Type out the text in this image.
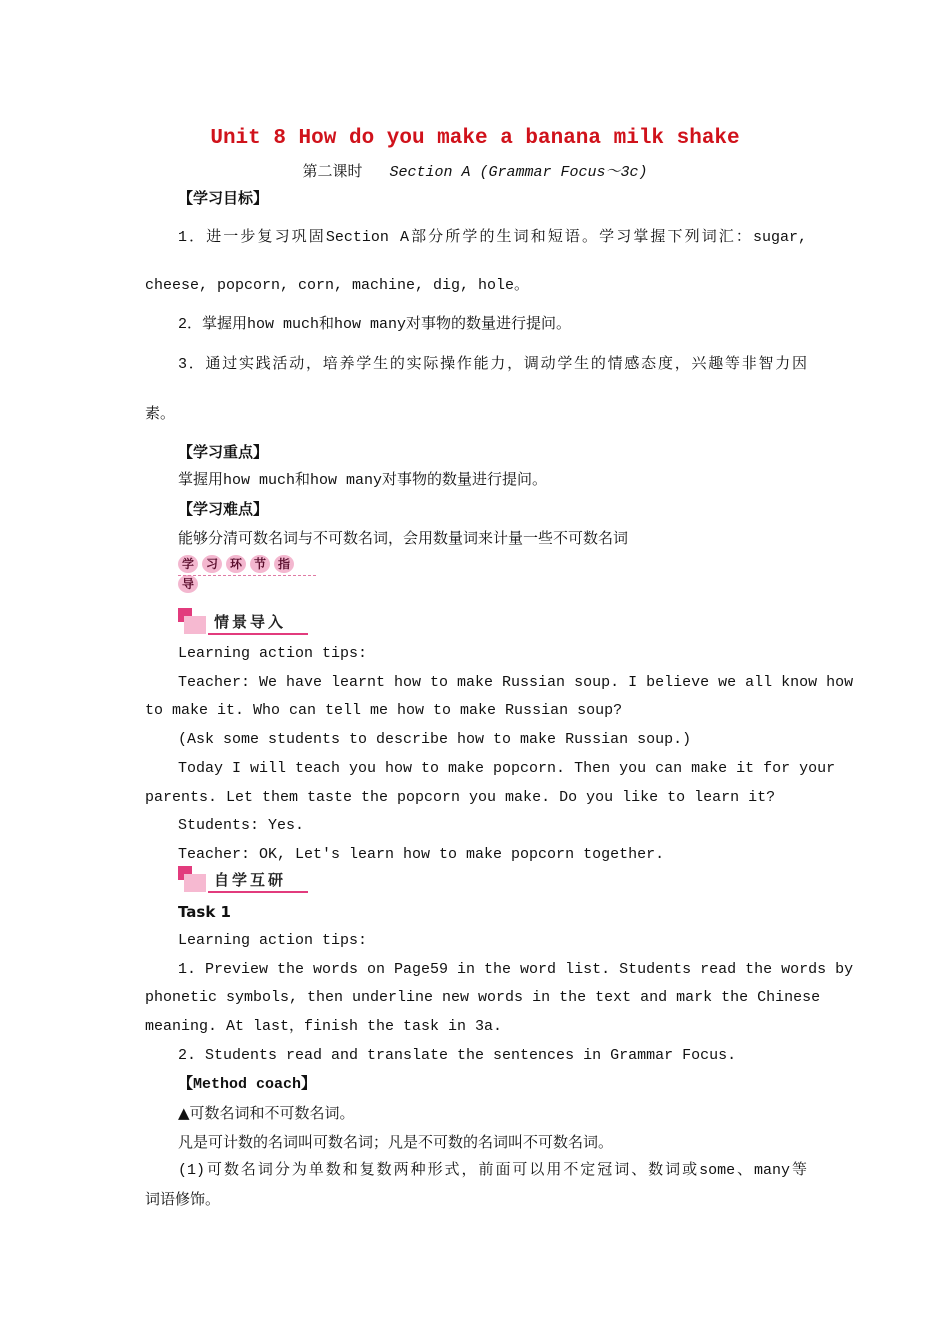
Unit 8 How do you make a banana milk shake
第二课时 Section A (Grammar Focus～3c)
【学习目标】
1．进一步复习巩固Section A部分所学的生词和短语。学习掌握下列词汇：sugar,
cheese, popcorn, corn, machine, dig, hole。
2．掌握用how much和how many对事物的数量进行提问。
3．通过实践活动，培养学生的实际操作能力，调动学生的情感态度，兴趣等非智力因
素。
【学习重点】
掌握用how much和how many对事物的数量进行提问。
【学习难点】
能够分清可数名词与不可数名词，会用数量词来计量一些不可数名词
学 习 环 节 指导
情景导入
Learning action tips:
Teacher: We have learnt how to make Russian soup. I believe we all know how
to make it. Who can tell me how to make Russian soup?
(Ask some students to describe how to make Russian soup.)
Today I will teach you how to make popcorn. Then you can make it for your
parents. Let them taste the popcorn you make. Do you like to learn it?
Students: Yes.
Teacher: OK, Let's learn how to make popcorn together.
自学互研
Task 1
Learning action tips:
1. Preview the words on Page59 in the word list. Students read the words by
phonetic symbols, then underline new words in the text and mark the Chinese
meaning. At last，finish the task in 3a.
2. Students read and translate the sentences in Grammar Focus.
【Method coach】
▲可数名词和不可数名词。
凡是可计数的名词叫可数名词；凡是不可数的名词叫不可数名词。
(1)可数名词分为单数和复数两种形式，前面可以用不定冠词、数词或some、many等
词语修饰。
